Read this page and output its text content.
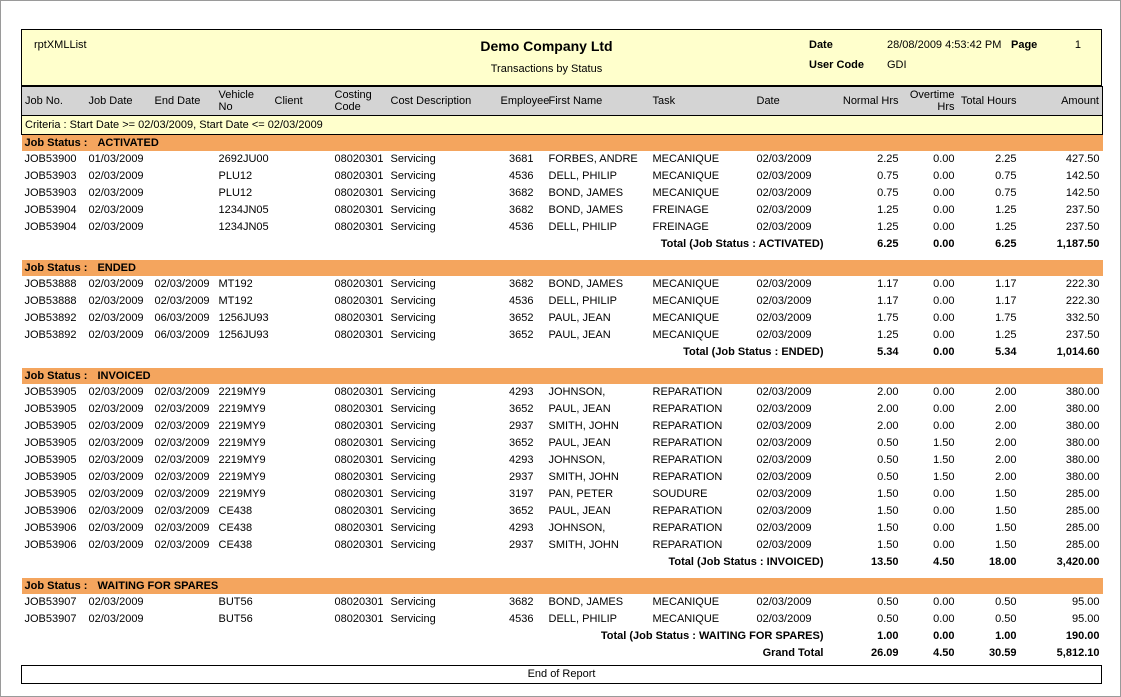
rptXMLList	Demo Company Ltd
Transactions by Status
Date	28/08/2009 4:53:42 PM Page	1
User Code	GDI
Job No.	Job Date	End Date	Vehicle No	Client	Costing Code	Cost Description	Employee	First Name	Task	Date	Normal Hrs	Overtime Hrs	Total Hours	Amount
Criteria : Start Date >= 02/03/2009, Start Date <= 02/03/2009														
Job Status : ACTIVATED														
JOB53900	01/03/2009		2692JU00		08020301	Servicing	3681	FORBES, ANDRE	MECANIQUE	02/03/2009	2.25	0.00	2.25	427.50
JOB53903	02/03/2009		PLU12		08020301	Servicing	4536	DELL, PHILIP	MECANIQUE	02/03/2009	0.75	0.00	0.75	142.50
JOB53903	02/03/2009		PLU12		08020301	Servicing	3682	BOND, JAMES	MECANIQUE	02/03/2009	0.75	0.00	0.75	142.50
JOB53904	02/03/2009		1234JN05		08020301	Servicing	3682	BOND, JAMES	FREINAGE	02/03/2009	1.25	0.00	1.25	237.50
JOB53904	02/03/2009		1234JN05		08020301	Servicing	4536	DELL, PHILIP	FREINAGE	02/03/2009	1.25	0.00	1.25	237.50
Total (Job Status : ACTIVATED)											6.25	0.00	6.25	1,187.50

Job Status : ENDED														
JOB53888	02/03/2009	02/03/2009	MT192		08020301	Servicing	3682	BOND, JAMES	MECANIQUE	02/03/2009	1.17	0.00	1.17	222.30
JOB53888	02/03/2009	02/03/2009	MT192		08020301	Servicing	4536	DELL, PHILIP	MECANIQUE	02/03/2009	1.17	0.00	1.17	222.30
JOB53892	02/03/2009	06/03/2009	1256JU93		08020301	Servicing	3652	PAUL, JEAN	MECANIQUE	02/03/2009	1.75	0.00	1.75	332.50
JOB53892	02/03/2009	06/03/2009	1256JU93		08020301	Servicing	3652	PAUL, JEAN	MECANIQUE	02/03/2009	1.25	0.00	1.25	237.50
Total (Job Status : ENDED)											5.34	0.00	5.34	1,014.60

Job Status : INVOICED														
JOB53905	02/03/2009	02/03/2009	2219MY9		08020301	Servicing	4293	JOHNSON,	REPARATION	02/03/2009	2.00	0.00	2.00	380.00
JOB53905	02/03/2009	02/03/2009	2219MY9		08020301	Servicing	3652	PAUL, JEAN	REPARATION	02/03/2009	2.00	0.00	2.00	380.00
JOB53905	02/03/2009	02/03/2009	2219MY9		08020301	Servicing	2937	SMITH, JOHN	REPARATION	02/03/2009	2.00	0.00	2.00	380.00
JOB53905	02/03/2009	02/03/2009	2219MY9		08020301	Servicing	3652	PAUL, JEAN	REPARATION	02/03/2009	0.50	1.50	2.00	380.00
JOB53905	02/03/2009	02/03/2009	2219MY9		08020301	Servicing	4293	JOHNSON,	REPARATION	02/03/2009	0.50	1.50	2.00	380.00
JOB53905	02/03/2009	02/03/2009	2219MY9		08020301	Servicing	2937	SMITH, JOHN	REPARATION	02/03/2009	0.50	1.50	2.00	380.00
JOB53905	02/03/2009	02/03/2009	2219MY9		08020301	Servicing	3197	PAN, PETER	SOUDURE	02/03/2009	1.50	0.00	1.50	285.00
JOB53906	02/03/2009	02/03/2009	CE438		08020301	Servicing	3652	PAUL, JEAN	REPARATION	02/03/2009	1.50	0.00	1.50	285.00
JOB53906	02/03/2009	02/03/2009	CE438		08020301	Servicing	4293	JOHNSON,	REPARATION	02/03/2009	1.50	0.00	1.50	285.00
JOB53906	02/03/2009	02/03/2009	CE438		08020301	Servicing	2937	SMITH, JOHN	REPARATION	02/03/2009	1.50	0.00	1.50	285.00
Total (Job Status : INVOICED)											13.50	4.50	18.00	3,420.00

Job Status : WAITING FOR SPARES														
JOB53907	02/03/2009		BUT56		08020301	Servicing	3682	BOND, JAMES	MECANIQUE	02/03/2009	0.50	0.00	0.50	95.00
JOB53907	02/03/2009		BUT56		08020301	Servicing	4536	DELL, PHILIP	MECANIQUE	02/03/2009	0.50	0.00	0.50	95.00
Total (Job Status : WAITING FOR SPARES)											1.00	0.00	1.00	190.00
Grand Total											26.09	4.50	30.59	5,812.10
End of Report
